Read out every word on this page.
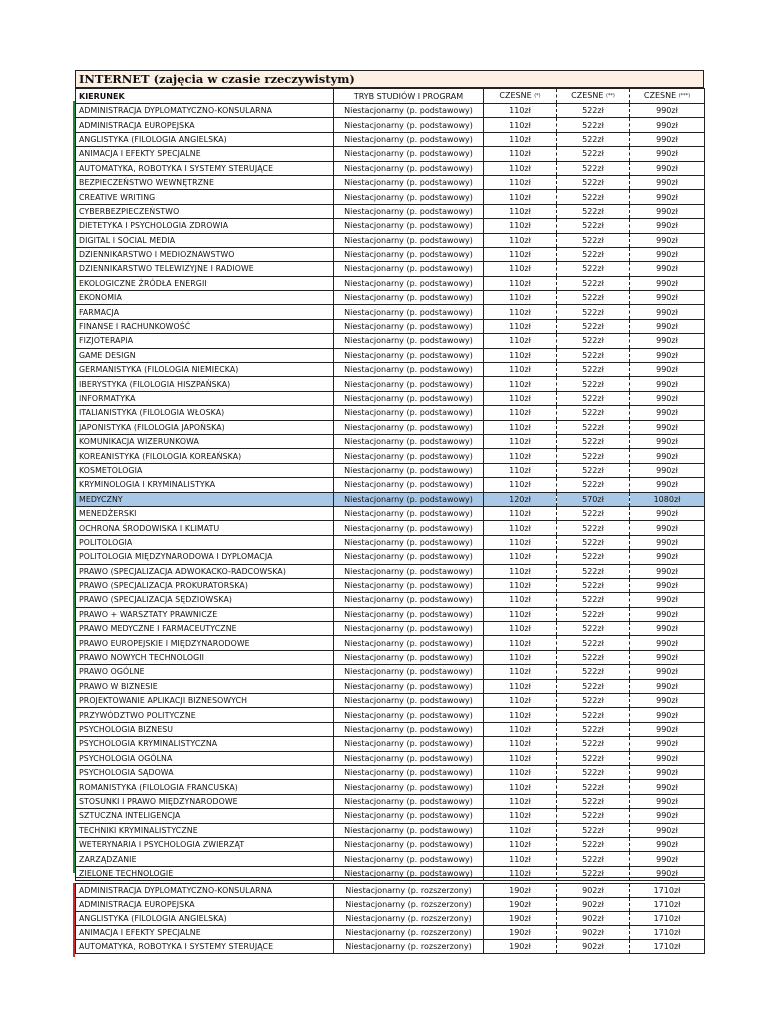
INTERNET (zajęcia w czasie rzeczywistym)
KIERUNEK	TRYB STUDIÓW I PROGRAM	CZESNE (*)	CZESNE (**)	CZESNE (***)
ADMINISTRACJA DYPLOMATYCZNO-KONSULARNA	Niestacjonarny (p. podstawowy)	110zł	522zł	990zł
ADMINISTRACJA EUROPEJSKA	Niestacjonarny (p. podstawowy)	110zł	522zł	990zł
ANGLISTYKA (FILOLOGIA ANGIELSKA)	Niestacjonarny (p. podstawowy)	110zł	522zł	990zł
ANIMACJA I EFEKTY SPECJALNE	Niestacjonarny (p. podstawowy)	110zł	522zł	990zł
AUTOMATYKA, ROBOTYKA I SYSTEMY STERUJĄCE	Niestacjonarny (p. podstawowy)	110zł	522zł	990zł
BEZPIECZEŃSTWO WEWNĘTRZNE	Niestacjonarny (p. podstawowy)	110zł	522zł	990zł
CREATIVE WRITING	Niestacjonarny (p. podstawowy)	110zł	522zł	990zł
CYBERBEZPIECZEŃSTWO	Niestacjonarny (p. podstawowy)	110zł	522zł	990zł
DIETETYKA I PSYCHOLOGIA ZDROWIA	Niestacjonarny (p. podstawowy)	110zł	522zł	990zł
DIGITAL I SOCIAL MEDIA	Niestacjonarny (p. podstawowy)	110zł	522zł	990zł
DZIENNIKARSTWO I MEDIOZNAWSTWO	Niestacjonarny (p. podstawowy)	110zł	522zł	990zł
DZIENNIKARSTWO TELEWIZYJNE I RADIOWE	Niestacjonarny (p. podstawowy)	110zł	522zł	990zł
EKOLOGICZNE ŹRÓDŁA ENERGII	Niestacjonarny (p. podstawowy)	110zł	522zł	990zł
EKONOMIA	Niestacjonarny (p. podstawowy)	110zł	522zł	990zł
FARMACJA	Niestacjonarny (p. podstawowy)	110zł	522zł	990zł
FINANSE I RACHUNKOWOŚĆ	Niestacjonarny (p. podstawowy)	110zł	522zł	990zł
FIZJOTERAPIA	Niestacjonarny (p. podstawowy)	110zł	522zł	990zł
GAME DESIGN	Niestacjonarny (p. podstawowy)	110zł	522zł	990zł
GERMANISTYKA (FILOLOGIA NIEMIECKA)	Niestacjonarny (p. podstawowy)	110zł	522zł	990zł
IBERYSTYKA (FILOLOGIA HISZPAŃSKA)	Niestacjonarny (p. podstawowy)	110zł	522zł	990zł
INFORMATYKA	Niestacjonarny (p. podstawowy)	110zł	522zł	990zł
ITALIANISTYKA (FILOLOGIA WŁOSKA)	Niestacjonarny (p. podstawowy)	110zł	522zł	990zł
JAPONISTYKA (FILOLOGIA JAPOŃSKA)	Niestacjonarny (p. podstawowy)	110zł	522zł	990zł
KOMUNIKACJA WIZERUNKOWA	Niestacjonarny (p. podstawowy)	110zł	522zł	990zł
KOREANISTYKA (FILOLOGIA KOREAŃSKA)	Niestacjonarny (p. podstawowy)	110zł	522zł	990zł
KOSMETOLOGIA	Niestacjonarny (p. podstawowy)	110zł	522zł	990zł
KRYMINOLOGIA I KRYMINALISTYKA	Niestacjonarny (p. podstawowy)	110zł	522zł	990zł
MEDYCZNY	Niestacjonarny (p. podstawowy)	120zł	570zł	1080zł
MENEDŻERSKI	Niestacjonarny (p. podstawowy)	110zł	522zł	990zł
OCHRONA ŚRODOWISKA I KLIMATU	Niestacjonarny (p. podstawowy)	110zł	522zł	990zł
POLITOLOGIA	Niestacjonarny (p. podstawowy)	110zł	522zł	990zł
POLITOLOGIA MIĘDZYNARODOWA I DYPLOMACJA	Niestacjonarny (p. podstawowy)	110zł	522zł	990zł
PRAWO (SPECJALIZACJA ADWOKACKO-RADCOWSKA)	Niestacjonarny (p. podstawowy)	110zł	522zł	990zł
PRAWO (SPECJALIZACJA PROKURATORSKA)	Niestacjonarny (p. podstawowy)	110zł	522zł	990zł
PRAWO (SPECJALIZACJA SĘDZIOWSKA)	Niestacjonarny (p. podstawowy)	110zł	522zł	990zł
PRAWO + WARSZTATY PRAWNICZE	Niestacjonarny (p. podstawowy)	110zł	522zł	990zł
PRAWO MEDYCZNE I FARMACEUTYCZNE	Niestacjonarny (p. podstawowy)	110zł	522zł	990zł
PRAWO EUROPEJSKIE I MIĘDZYNARODOWE	Niestacjonarny (p. podstawowy)	110zł	522zł	990zł
PRAWO NOWYCH TECHNOLOGII	Niestacjonarny (p. podstawowy)	110zł	522zł	990zł
PRAWO OGÓLNE	Niestacjonarny (p. podstawowy)	110zł	522zł	990zł
PRAWO W BIZNESIE	Niestacjonarny (p. podstawowy)	110zł	522zł	990zł
PROJEKTOWANIE APLIKACJI BIZNESOWYCH	Niestacjonarny (p. podstawowy)	110zł	522zł	990zł
PRZYWÓDZTWO POLITYCZNE	Niestacjonarny (p. podstawowy)	110zł	522zł	990zł
PSYCHOLOGIA BIZNESU	Niestacjonarny (p. podstawowy)	110zł	522zł	990zł
PSYCHOLOGIA KRYMINALISTYCZNA	Niestacjonarny (p. podstawowy)	110zł	522zł	990zł
PSYCHOLOGIA OGÓLNA	Niestacjonarny (p. podstawowy)	110zł	522zł	990zł
PSYCHOLOGIA SĄDOWA	Niestacjonarny (p. podstawowy)	110zł	522zł	990zł
ROMANISTYKA (FILOLOGIA FRANCUSKA)	Niestacjonarny (p. podstawowy)	110zł	522zł	990zł
STOSUNKI I PRAWO MIĘDZYNARODOWE	Niestacjonarny (p. podstawowy)	110zł	522zł	990zł
SZTUCZNA INTELIGENCJA	Niestacjonarny (p. podstawowy)	110zł	522zł	990zł
TECHNIKI KRYMINALISTYCZNE	Niestacjonarny (p. podstawowy)	110zł	522zł	990zł
WETERYNARIA I PSYCHOLOGIA ZWIERZĄT	Niestacjonarny (p. podstawowy)	110zł	522zł	990zł
ZARZĄDZANIE	Niestacjonarny (p. podstawowy)	110zł	522zł	990zł
ZIELONE TECHNOLOGIE	Niestacjonarny (p. podstawowy)	110zł	522zł	990zł
ADMINISTRACJA DYPLOMATYCZNO-KONSULARNA	Niestacjonarny (p. rozszerzony)	190zł	902zł	1710zł
ADMINISTRACJA EUROPEJSKA	Niestacjonarny (p. rozszerzony)	190zł	902zł	1710zł
ANGLISTYKA (FILOLOGIA ANGIELSKA)	Niestacjonarny (p. rozszerzony)	190zł	902zł	1710zł
ANIMACJA I EFEKTY SPECJALNE	Niestacjonarny (p. rozszerzony)	190zł	902zł	1710zł
AUTOMATYKA, ROBOTYKA I SYSTEMY STERUJĄCE	Niestacjonarny (p. rozszerzony)	190zł	902zł	1710zł
